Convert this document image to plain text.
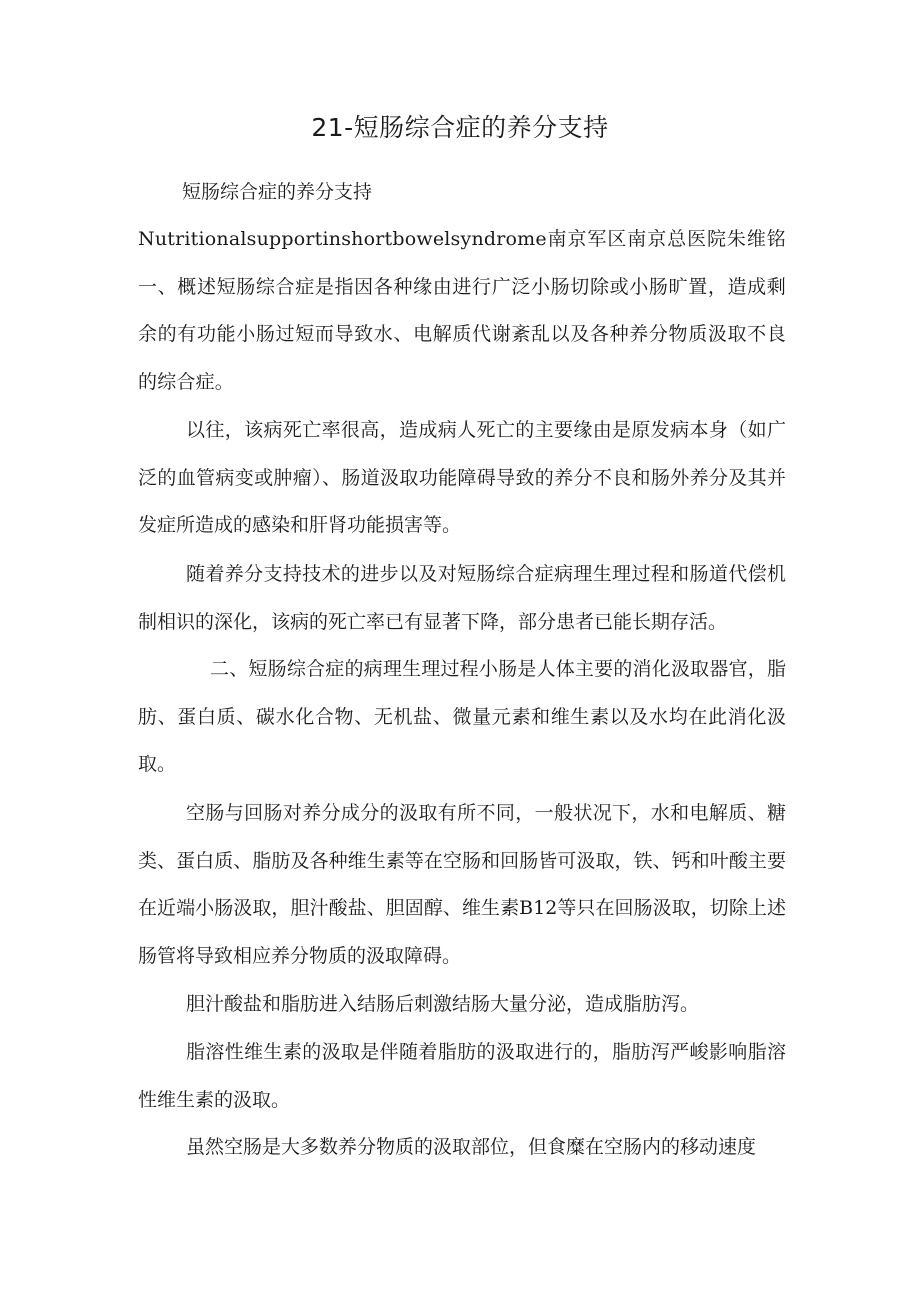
21-短肠综合症的养分支持

短肠综合症的养分支持

Nutritionalsupportinshortbowelsyndrome南京军区南京总医院朱维铭一、概述短肠综合症是指因各种缘由进行广泛小肠切除或小肠旷置，造成剩余的有功能小肠过短而导致水、电解质代谢紊乱以及各种养分物质汲取不良的综合症。

以往，该病死亡率很高，造成病人死亡的主要缘由是原发病本身（如广泛的血管病变或肿瘤）、肠道汲取功能障碍导致的养分不良和肠外养分及其并发症所造成的感染和肝肾功能损害等。

随着养分支持技术的进步以及对短肠综合症病理生理过程和肠道代偿机制相识的深化，该病的死亡率已有显著下降，部分患者已能长期存活。

二、短肠综合症的病理生理过程小肠是人体主要的消化汲取器官，脂肪、蛋白质、碳水化合物、无机盐、微量元素和维生素以及水均在此消化汲取。

空肠与回肠对养分成分的汲取有所不同，一般状况下，水和电解质、糖类、蛋白质、脂肪及各种维生素等在空肠和回肠皆可汲取，铁、钙和叶酸主要在近端小肠汲取，胆汁酸盐、胆固醇、维生素B12等只在回肠汲取，切除上述肠管将导致相应养分物质的汲取障碍。

胆汁酸盐和脂肪进入结肠后刺激结肠大量分泌，造成脂肪泻。

脂溶性维生素的汲取是伴随着脂肪的汲取进行的，脂肪泻严峻影响脂溶性维生素的汲取。

虽然空肠是大多数养分物质的汲取部位，但食糜在空肠内的移动速度
